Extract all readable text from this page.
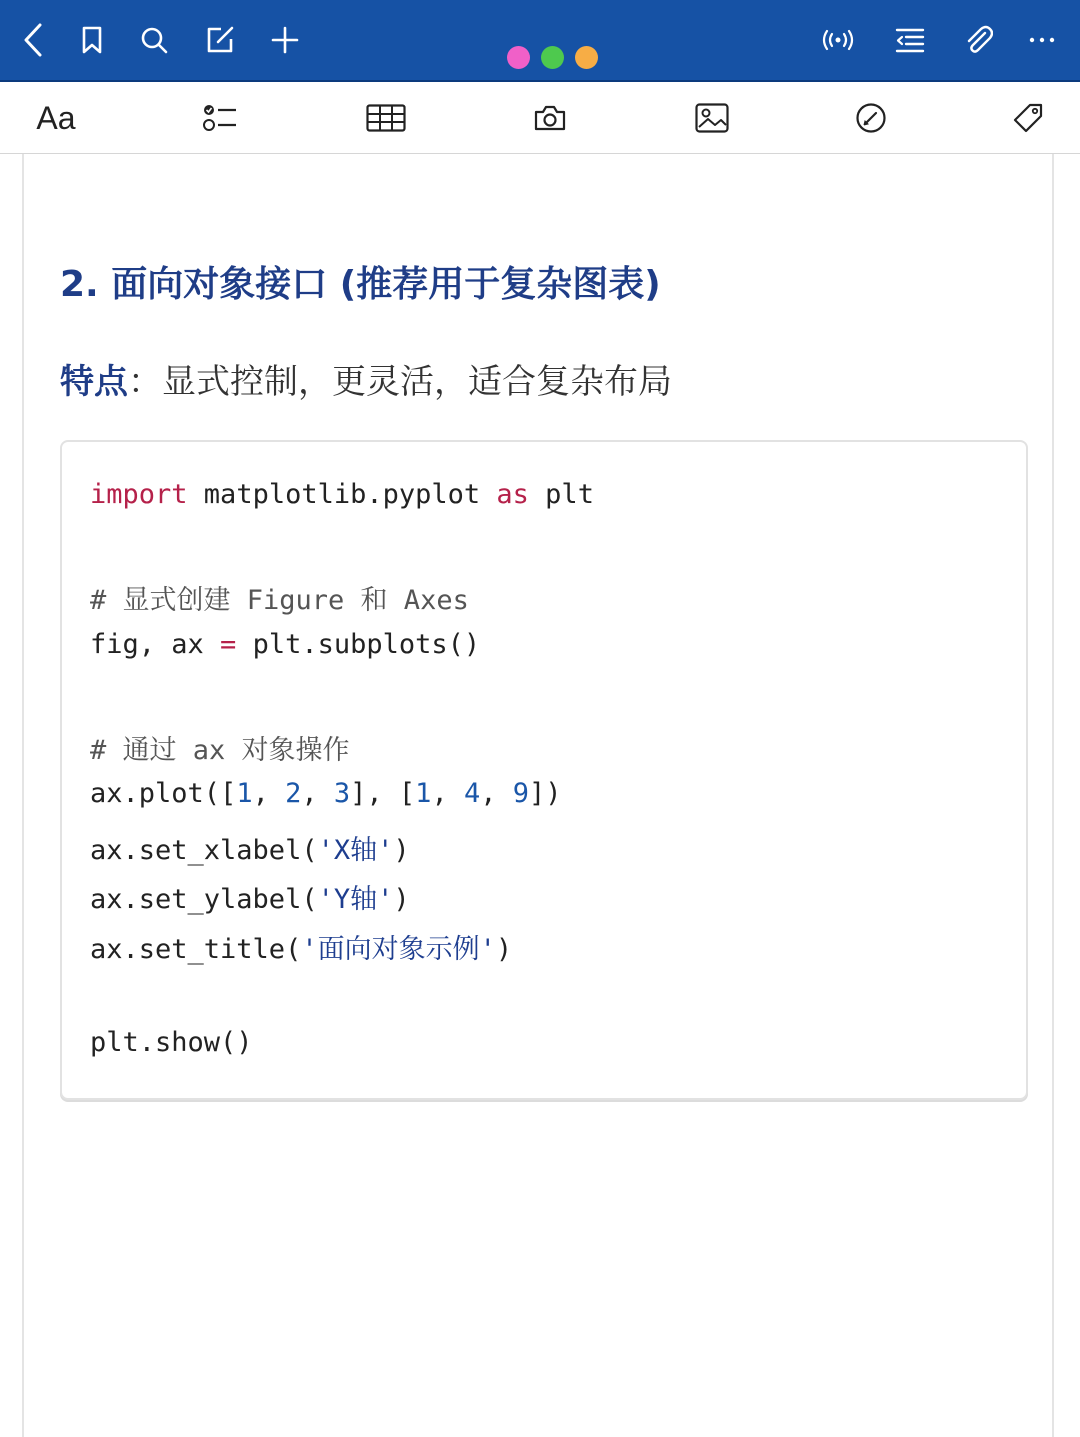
Aa
2. 面向对象接口 (推荐用于复杂图表)
特点：显式控制，更灵活，适合复杂布局
import matplotlib.pyplot as plt
# 显式创建 Figure 和 Axes
fig, ax = plt.subplots()
# 通过 ax 对象操作
ax.plot([1, 2, 3], [1, 4, 9])
ax.set_xlabel('X轴')
ax.set_ylabel('Y轴')
ax.set_title('面向对象示例')
plt.show()
